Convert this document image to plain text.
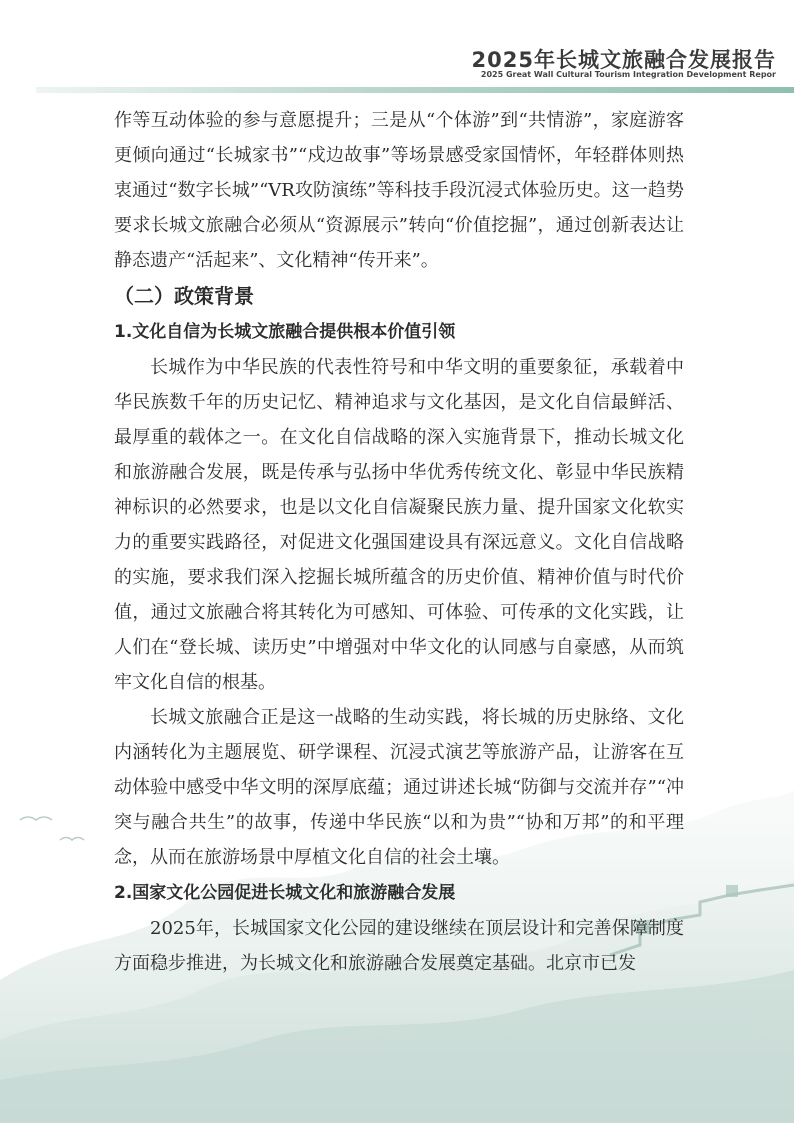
2025年长城文旅融合发展报告
2025 Great Wall Cultural Tourism Integration Development Repor

作等互动体验的参与意愿提升；三是从“个体游”到“共情游”，家庭游客更倾向通过“长城家书”“戍边故事”等场景感受家国情怀，年轻群体则热衷通过“数字长城”“VR攻防演练”等科技手段沉浸式体验历史。这一趋势要求长城文旅融合必须从“资源展示”转向“价值挖掘”，通过创新表达让静态遗产“活起来”、文化精神“传开来”。

（二）政策背景
1.文化自信为长城文旅融合提供根本价值引领

长城作为中华民族的代表性符号和中华文明的重要象征，承载着中华民族数千年的历史记忆、精神追求与文化基因，是文化自信最鲜活、最厚重的载体之一。在文化自信战略的深入实施背景下，推动长城文化和旅游融合发展，既是传承与弘扬中华优秀传统文化、彰显中华民族精神标识的必然要求，也是以文化自信凝聚民族力量、提升国家文化软实力的重要实践路径，对促进文化强国建设具有深远意义。文化自信战略的实施，要求我们深入挖掘长城所蕴含的历史价值、精神价值与时代价值，通过文旅融合将其转化为可感知、可体验、可传承的文化实践，让人们在“登长城、读历史”中增强对中华文化的认同感与自豪感，从而筑牢文化自信的根基。

长城文旅融合正是这一战略的生动实践，将长城的历史脉络、文化内涵转化为主题展览、研学课程、沉浸式演艺等旅游产品，让游客在互动体验中感受中华文明的深厚底蕴；通过讲述长城“防御与交流并存”“冲突与融合共生”的故事，传递中华民族“以和为贵”“协和万邦”的和平理念，从而在旅游场景中厚植文化自信的社会土壤。

2.国家文化公园促进长城文化和旅游融合发展

2025年，长城国家文化公园的建设继续在顶层设计和完善保障制度方面稳步推进，为长城文化和旅游融合发展奠定基础。北京市已发
